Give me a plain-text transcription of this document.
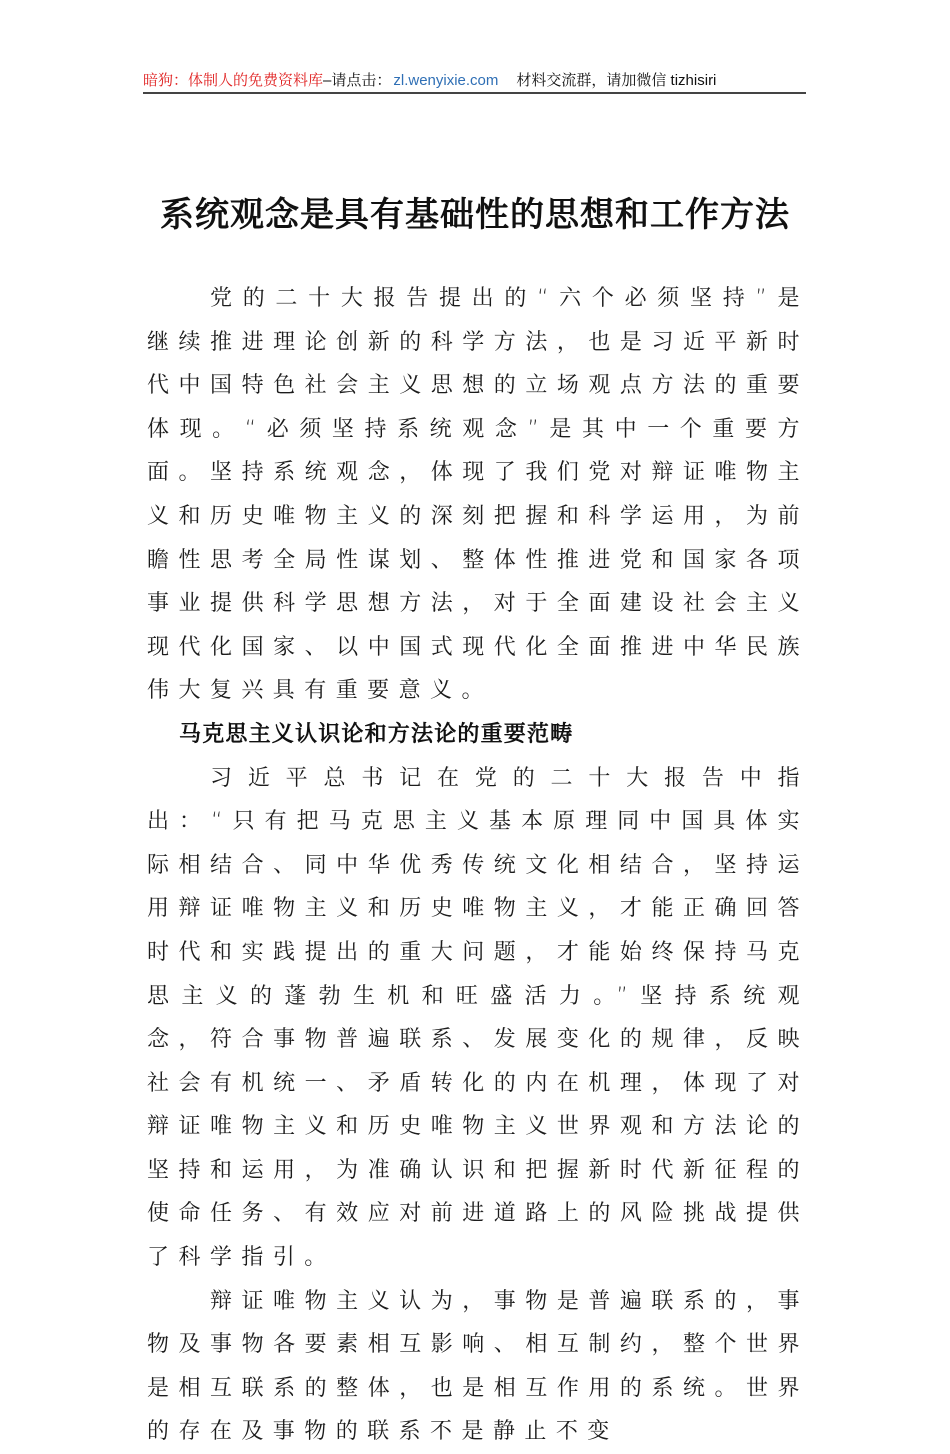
暗狗：体制人的免费资料库 –请点击： zl.wenyixie.com 材料交流群，请加微信 tizhisiri
系统观念是具有基础性的思想和工作方法

党的二十大报告提出的“六个必须坚持”是继续推进理论创新的科学方法，也是习近平新时代中国特色社会主义思想的立场观点方法的重要体现。“必须坚持系统观念”是其中一个重要方面。坚持系统观念，体现了我们党对辩证唯物主义和历史唯物主义的深刻把握和科学运用，为前瞻性思考全局性谋划、整体性推进党和国家各项事业提供科学思想方法，对于全面建设社会主义现代化国家、以中国式现代化全面推进中华民族伟大复兴具有重要意义。

马克思主义认识论和方法论的重要范畴

习近平总书记在党的二十大报告中指出：“只有把马克思主义基本原理同中国具体实际相结合、同中华优秀传统文化相结合，坚持运用辩证唯物主义和历史唯物主义，才能正确回答时代和实践提出的重大问题，才能始终保持马克思主义的蓬勃生机和旺盛活力。”坚持系统观念，符合事物普遍联系、发展变化的规律，反映社会有机统一、矛盾转化的内在机理，体现了对辩证唯物主义和历史唯物主义世界观和方法论的坚持和运用，为准确认识和把握新时代新征程的使命任务、有效应对前进道路上的风险挑战提供了科学指引。

辩证唯物主义认为，事物是普遍联系的，事物及事物各要素相互影响、相互制约，整个世界是相互联系的整体，也是相互作用的系统。世界的存在及事物的联系不是静止不变
